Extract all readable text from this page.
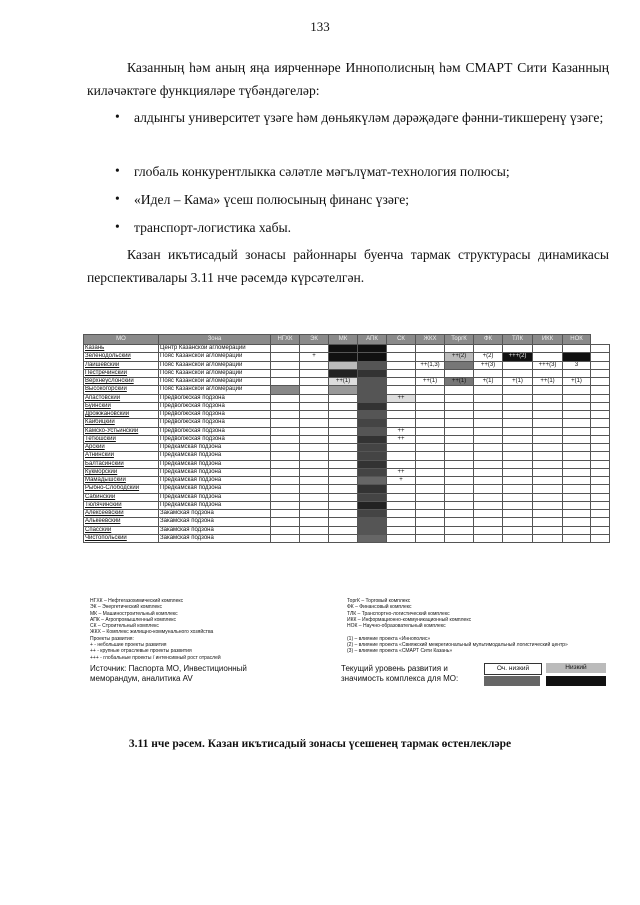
133
Казанның һәм аның яңа иярченнәре Иннополисның һәм СМАРТ Сити Казанның киләчәктәге функцияләре түбәндәгеләр:
• алдынгы университет үзәге һәм дөньякүләм дәрәҗәдәге фәнни-тикшеренү үзәге;
• глобаль конкурентлыкка сәләтле мәгълүмат-технология полюсы;
• «Идел – Кама» үсеш полюсының финанс үзәге;
• транспорт-логистика хабы.
Казан икътисадый зонасы районнары буенча тармак структурасы динамикасы перспективалары 3.11 нче рәсемдә күрсәтелгән.
МО	Зона	НГХК	ЭК	МК	АПК	СК	ЖКХ	ТоргК	ФК	ТЛК	ИКК	НОК	
Казань	Центр Казанской агломерации												
Зеленодольский	Пояс Казанской агломерации		+					++(2)	+(2)	+++(2)			
Лаишевский	Пояс Казанской агломерации						++(1,3)		++(3)		+++(3)	3	
Пестречинский	Пояс Казанской агломерации												
Верхнеуслонский	Пояс Казанской агломерации			++(1)			++(1)	++(1)	+(1)	+(1)	++(1)	+(1)	
Высокогорский	Пояс Казанской агломерации												
Апастовский	Предволжская подзона					++							
Буинский	Предволжская подзона												
Дрожжановский	Предволжская подзона												
Кайбицкий	Предволжская подзона												
Камско-Устьинский	Предволжская подзона					++							
Тетюшский	Предволжская подзона					++							
Арский	Предкамская подзона												
Атнинский	Предкамская подзона												
Балтасинский	Предкамская подзона												
Кукморский	Предкамская подзона					++							
Мамадышский	Предкамская подзона					+							
Рыбно-Слободский	Предкамская подзона												
Сабинский	Предкамская подзона												
Тюлячинский	Предкамская подзона												
Алексеевский	Закамская подзона												
Алькеевский	Закамская подзона												
Спасский	Закамская подзона												
Чистопольский	Закамская подзона												
НГХК – Нефтегазохимический комплекс
ЭК – Энергетический комплекс
МК – Машиностроительный комплекс
АПК – Агропромышленный комплекс
СК – Строительный комплекс
ЖКХ – Комплекс жилищно-коммунального хозяйства
Проекты развития:
+ - небольшие проекты развития
++ - крупные отраслевые проекты развития
+++ - глобальные проекты / интенсивный рост отраслей
ТоргК – Торговый комплекс
ФК – Финансовый комплекс
ТЛК – Транспортно-логистический комплекс
ИКК – Информационно-коммуникационный комплекс
НОК – Научно-образовательный комплекс
(1) – влияние проекта «Иннополис»
(2) – влияние проекта «Свияжский межрегиональный мультимодальный логистический центр»
(3) – влияние проекта «СМАРТ Сити Казань»
Источник: Паспорта МО, Инвестиционный меморандум, аналитика AV
Текущий уровень развития и значимость комплекса для МО:
Оч. низкий	Низкий
3.11 нче рәсем. Казан икътисадый зонасы үсешенең тармак өстенлекләре
